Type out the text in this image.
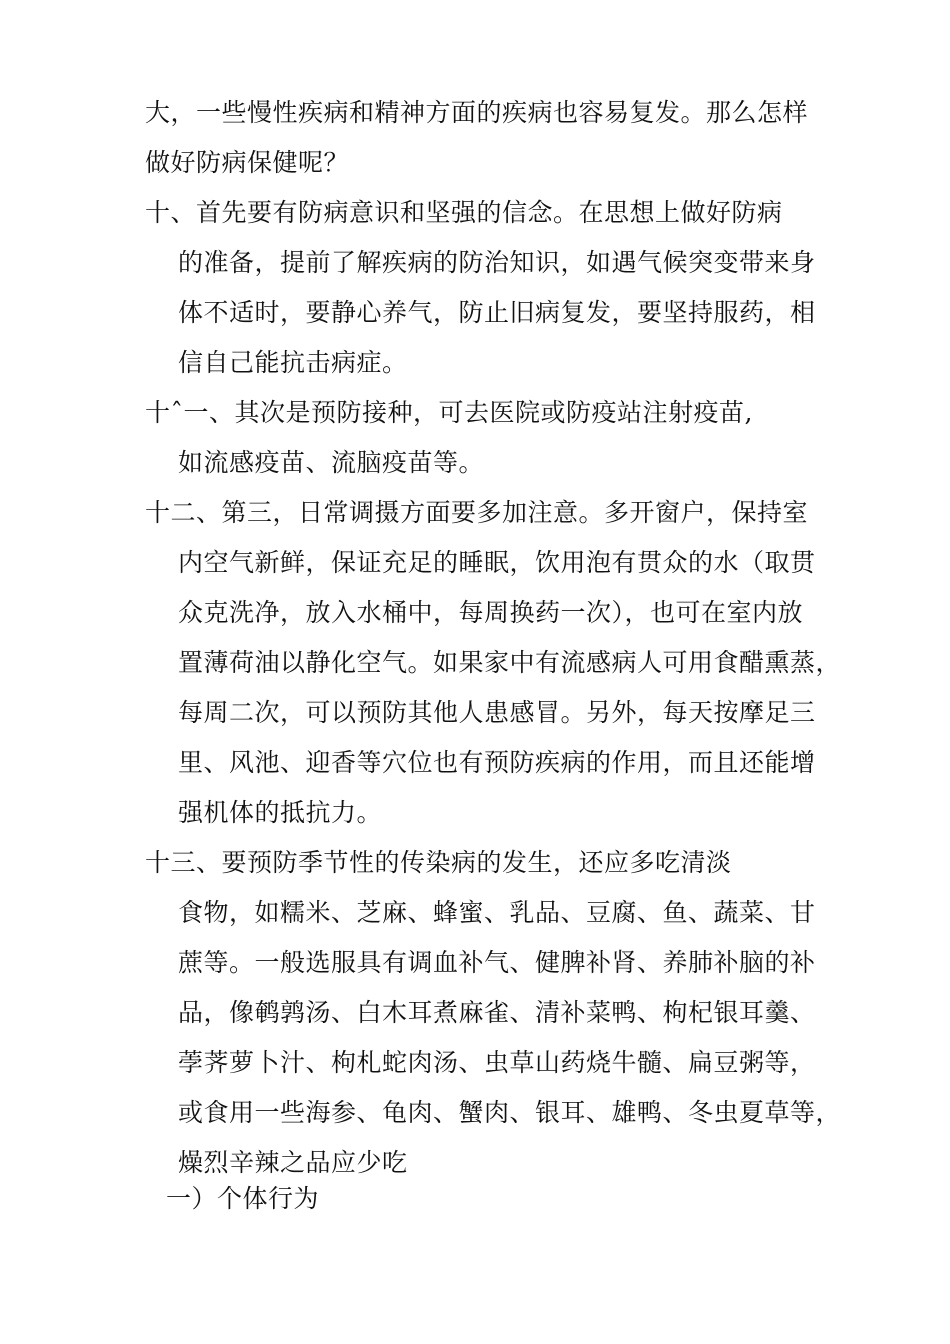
大，一些慢性疾病和精神方面的疾病也容易复发。那么怎样
做好防病保健呢？
十、首先要有防病意识和坚强的信念。在思想上做好防病
的准备，提前了解疾病的防治知识，如遇气候突变带来身
体不适时，要静心养气，防止旧病复发，要坚持服药，相
信自己能抗击病症。
十ˆ一、其次是预防接种，可去医院或防疫站注射疫苗,
如流感疫苗、流脑疫苗等。
十二、第三，日常调摄方面要多加注意。多开窗户，保持室
内空气新鲜，保证充足的睡眠，饮用泡有贯众的水（取贯
众克洗净，放入水桶中，每周换药一次），也可在室内放
置薄荷油以静化空气。如果家中有流感病人可用食醋熏蒸，
每周二次，可以预防其他人患感冒。另外，每天按摩足三
里、风池、迎香等穴位也有预防疾病的作用，而且还能增
强机体的抵抗力。
十三、要预防季节性的传染病的发生，还应多吃清淡
食物，如糯米、芝麻、蜂蜜、乳品、豆腐、鱼、蔬菜、甘
蔗等。一般选服具有调血补气、健脾补肾、养肺补脑的补
品，像鹌鹑汤、白木耳煮麻雀、清补菜鸭、枸杞银耳羹、
荸荠萝卜汁、枸札蛇肉汤、虫草山药烧牛髓、扁豆粥等，
或食用一些海参、龟肉、蟹肉、银耳、雄鸭、冬虫夏草等，
燥烈辛辣之品应少吃
一）个体行为
